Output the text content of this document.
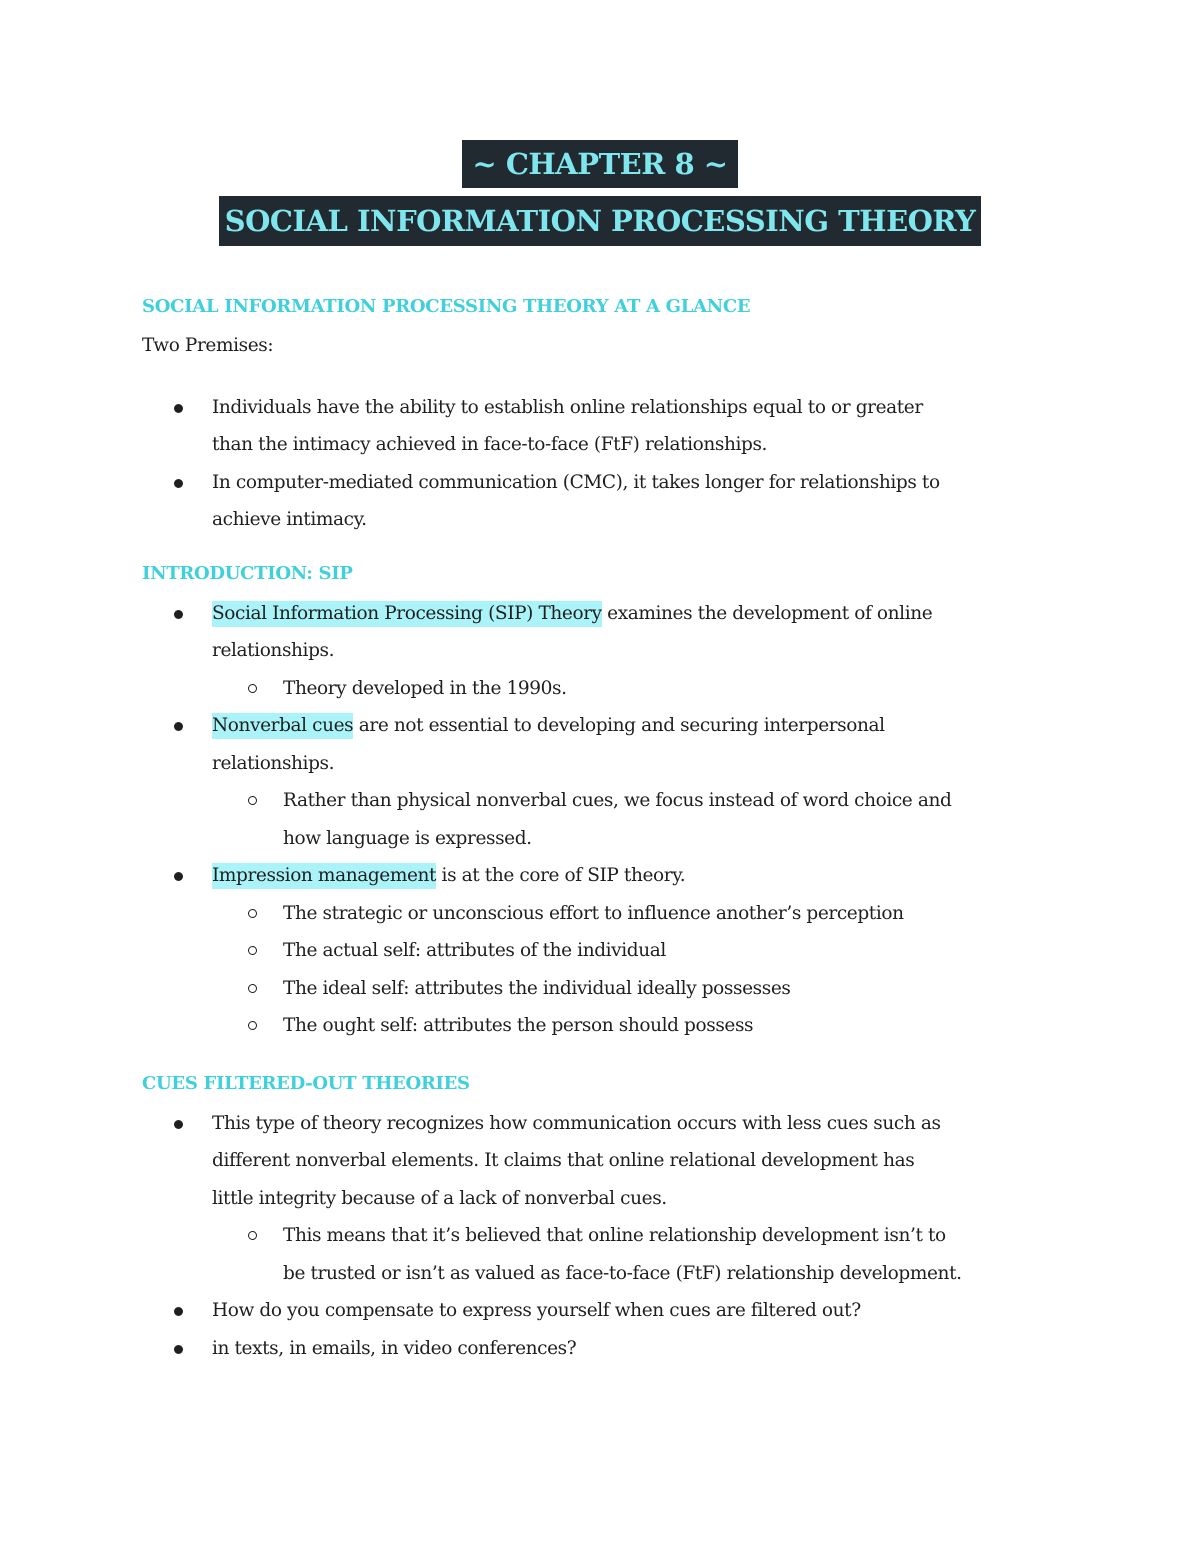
~ CHAPTER 8 ~
SOCIAL INFORMATION PROCESSING THEORY
SOCIAL INFORMATION PROCESSING THEORY AT A GLANCE
Two Premises:
Individuals have the ability to establish online relationships equal to or greater
than the intimacy achieved in face-to-face (FtF) relationships.
In computer-mediated communication (CMC), it takes longer for relationships to
achieve intimacy.
INTRODUCTION: SIP
Social Information Processing (SIP) Theory examines the development of online
relationships.
Theory developed in the 1990s.
Nonverbal cues are not essential to developing and securing interpersonal
relationships.
Rather than physical nonverbal cues, we focus instead of word choice and
how language is expressed.
Impression management is at the core of SIP theory.
The strategic or unconscious effort to influence another’s perception
The actual self: attributes of the individual
The ideal self: attributes the individual ideally possesses
The ought self: attributes the person should possess
CUES FILTERED-OUT THEORIES
This type of theory recognizes how communication occurs with less cues such as
different nonverbal elements. It claims that online relational development has
little integrity because of a lack of nonverbal cues.
This means that it’s believed that online relationship development isn’t to
be trusted or isn’t as valued as face-to-face (FtF) relationship development.
How do you compensate to express yourself when cues are filtered out?
in texts, in emails, in video conferences?
